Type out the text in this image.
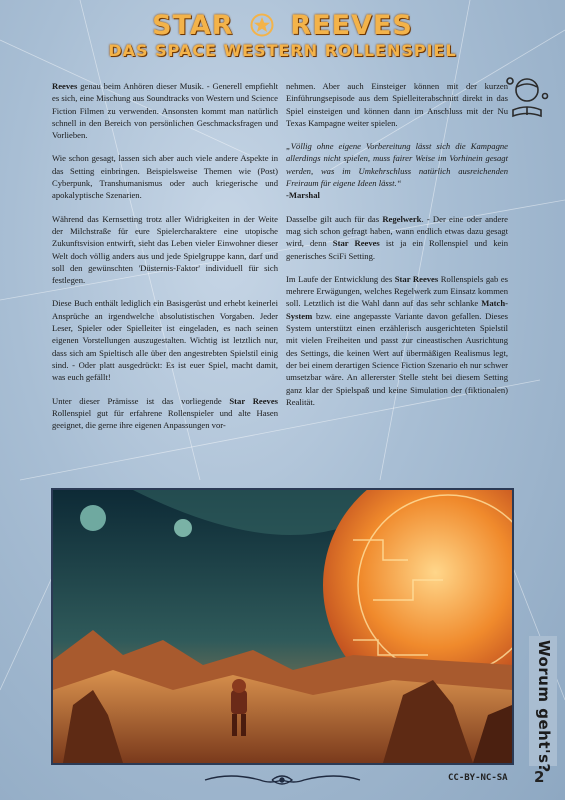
STAR REEVES
DAS SPACE WESTERN ROLLENSPIEL

Reeves genau beim Anhören dieser Musik. - Generell empfiehlt es sich, eine Mischung aus Soundtracks von Western und Science Fiction Filmen zu verwenden. Ansonsten kommt man natürlich schnell in den Bereich von persönlichen Geschmacksfragen und Vorlieben.

Wie schon gesagt, lassen sich aber auch viele andere Aspekte in das Setting einbringen. Beispielsweise Themen wie (Post) Cyberpunk, Transhumanismus oder auch kriegerische und apokalyptische Szenarien.

Während das Kernsetting trotz aller Widrigkeiten in der Weite der Milchstraße für eure Spielercharaktere eine utopische Zukunftsvision entwirft, sieht das Leben vieler Einwohner dieser Welt doch völlig anders aus und jede Spielgruppe kann, darf und soll den gewünschten 'Düsternis-Faktor' individuell für sich festlegen.

Diese Buch enthält lediglich ein Basisgerüst und erhebt keinerlei Ansprüche an irgendwelche absolutistischen Vorgaben. Jeder Leser, Spieler oder Spielleiter ist eingeladen, es nach seinen eigenen Vorstellungen auszugestalten. Wichtig ist letztlich nur, dass sich am Spieltisch alle über den angestrebten Spielstil einig sind. - Oder platt ausgedrückt: Es ist euer Spiel, macht damit, was euch gefällt!

Unter dieser Prämisse ist das vorliegende Star Reeves Rollenspiel gut für erfahrene Rollenspieler und alte Hasen geeignet, die gerne ihre eigenen Anpassungen vor-

nehmen. Aber auch Einsteiger können mit der kurzen Einführungsepisode aus dem Spielleiterabschnitt direkt in das Spiel einsteigen und können dann im Anschluss mit der Nu Texas Kampagne weiter spielen.

„Völlig ohne eigene Vorbereitung lässt sich die Kampagne allerdings nicht spielen, muss fairer Weise im Vorhinein gesagt werden, was im Umkehrschluss natürlich ausreichenden Freiraum für eigene Ideen lässt.“
-Marshal

Dasselbe gilt auch für das Regelwerk. - Der eine oder andere mag sich schon gefragt haben, wann endlich etwas dazu gesagt wird, denn Star Reeves ist ja ein Rollenspiel und kein generisches SciFi Setting.

Im Laufe der Entwicklung des Star Reeves Rollenspiels gab es mehrere Erwägungen, welches Regelwerk zum Einsatz kommen soll. Letztlich ist die Wahl dann auf das sehr schlanke Match-System bzw. eine angepasste Variante davon gefallen. Dieses System unterstützt einen erzählerisch ausgerichteten Spielstil mit vielen Freiheiten und passt zur cineastischen Ausrichtung des Settings, die keinen Wert auf übermäßigen Realismus legt, der bei einem derartigen Science Fiction Szenario eh nur schwer umsetzbar wäre. An allererster Stelle steht bei diesem Setting ganz klar der Spielspaß und keine Simulation der (fiktionalen) Realität.

Worum geht's?
CC-BY-NC-SA 2
